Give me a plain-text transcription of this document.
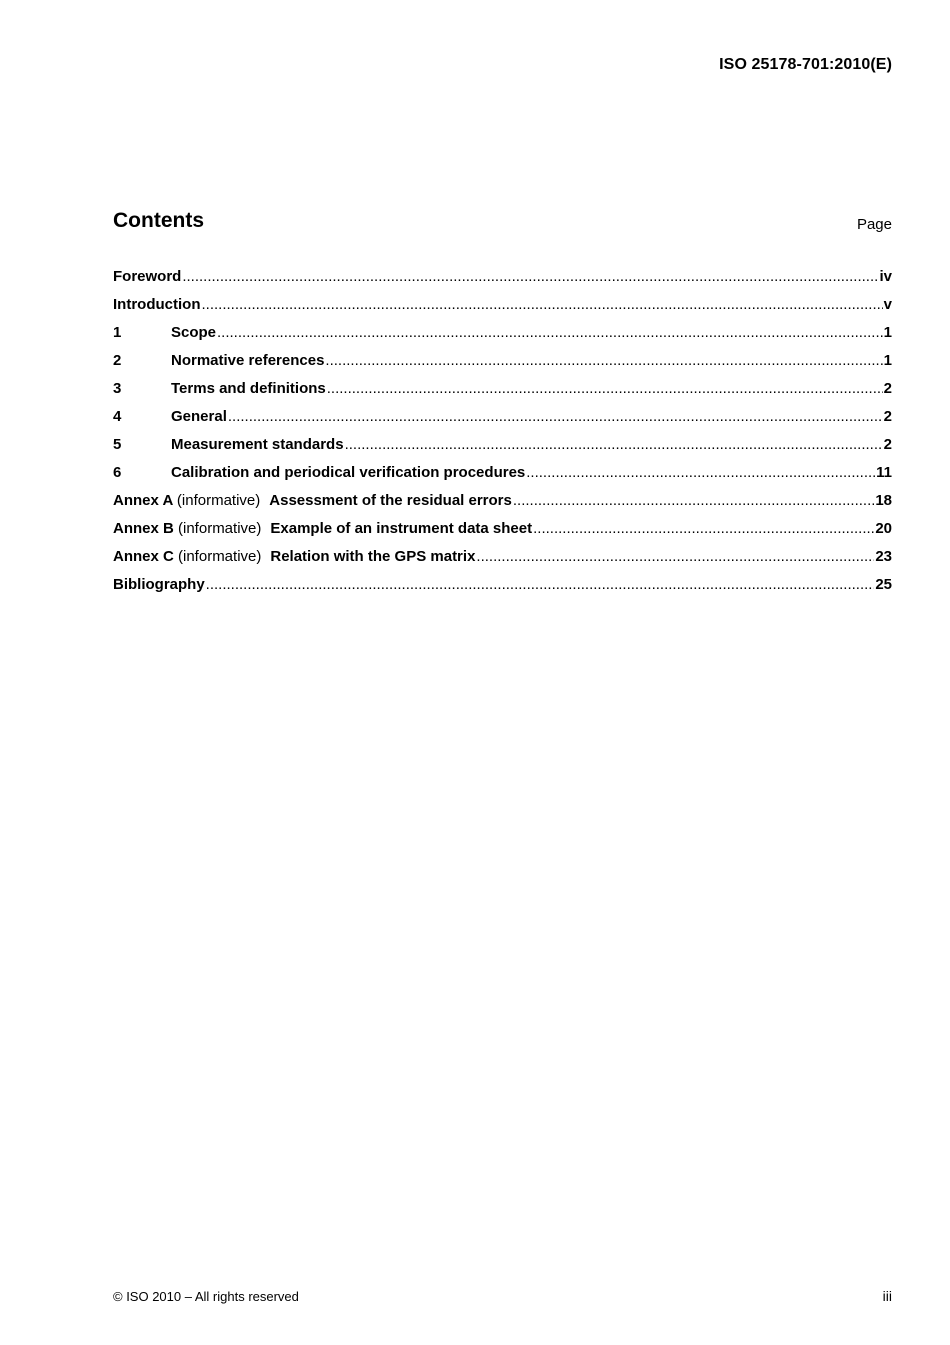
ISO 25178-701:2010(E)
Contents	Page
Foreword .....	iv
Introduction .....	v
1	Scope .....	1
2	Normative references .....	1
3	Terms and definitions .....	2
4	General .....	2
5	Measurement standards .....	2
6	Calibration and periodical verification procedures .....	11
Annex A (informative) Assessment of the residual errors .....	18
Annex B (informative) Example of an instrument data sheet .....	20
Annex C (informative) Relation with the GPS matrix .....	23
Bibliography .....	25
© ISO 2010 – All rights reserved	iii
